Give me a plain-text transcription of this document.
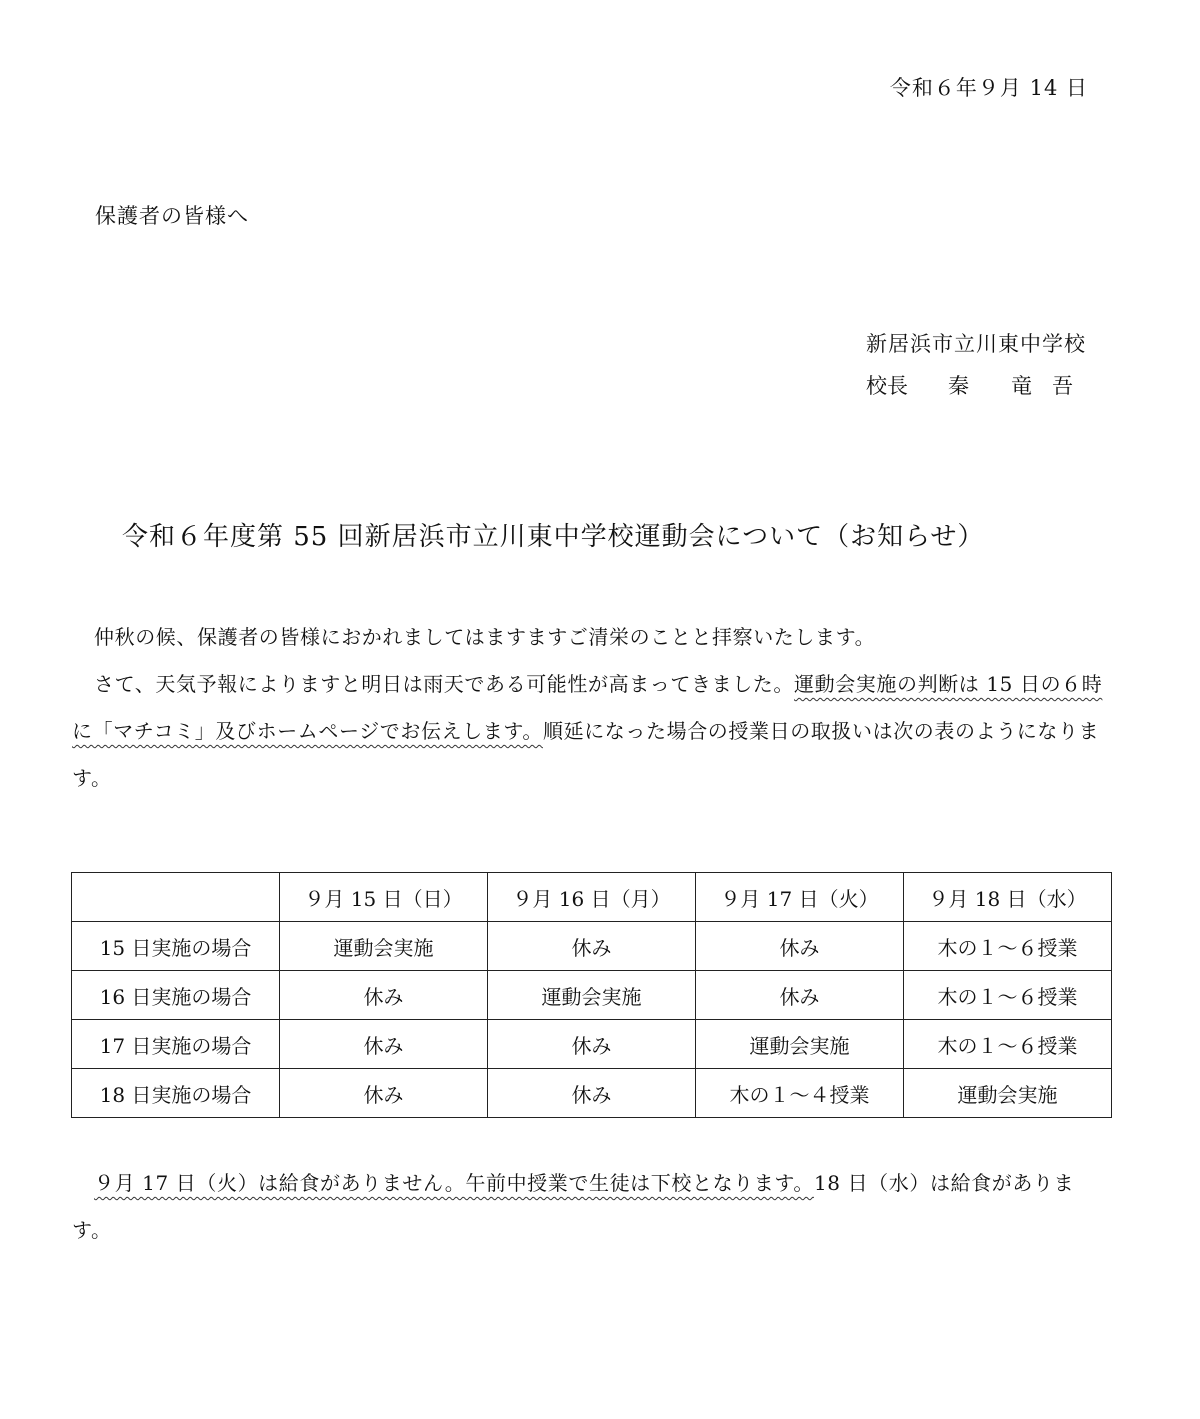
令和６年９月 14 日
保護者の皆様へ
新居浜市立川東中学校
校長 秦 竜 吾
令和６年度第 55 回新居浜市立川東中学校運動会について（お知らせ）
仲秋の候、保護者の皆様におかれましてはますますご清栄のことと拝察いたします。
さて、天気予報によりますと明日は雨天である可能性が高まってきました。運動会実施の判断は 15 日の６時に「マチコミ」及びホームページでお伝えします。順延になった場合の授業日の取扱いは次の表のようになります。
	９月 15 日（日）	９月 16 日（月）	９月 17 日（火）	９月 18 日（水）
15 日実施の場合	運動会実施	休み	休み	木の１～６授業
16 日実施の場合	休み	運動会実施	休み	木の１～６授業
17 日実施の場合	休み	休み	運動会実施	木の１～６授業
18 日実施の場合	休み	休み	木の１～４授業	運動会実施
９月 17 日（火）は給食がありません。午前中授業で生徒は下校となります。18 日（水）は給食があります。
